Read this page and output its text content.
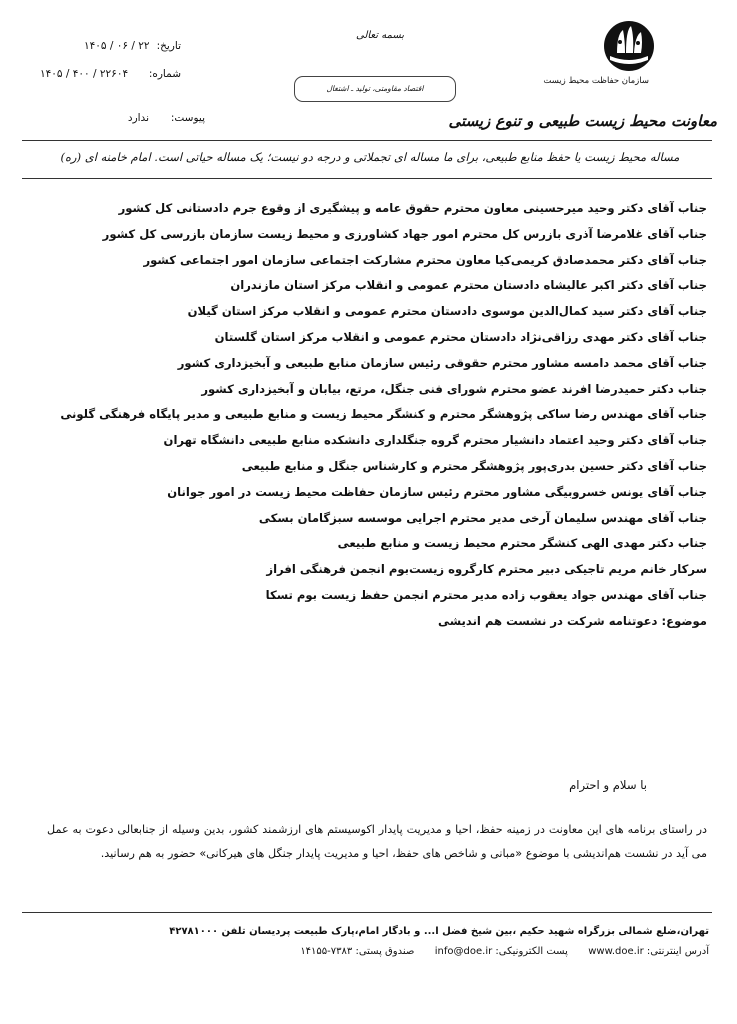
سازمان حفاظت محیط زیست
معاونت محیط زیست طبیعی و تنوع زیستی
بسمه تعالی
اقتصاد مقاومتی، تولید ـ اشتغال
تاریخ:
۱۴۰۵ / ۰۶ / ۲۲
شماره:
۱۴۰۵ / ۴۰۰ / ۲۲۶۰۴
پیوست:
ندارد
مساله محیط زیست یا حفظ منابع طبیعی، برای ما مساله ای تجملاتی و درجه دو نیست؛ یک مساله حیاتی است. امام خامنه ای (ره)

جناب آقای دکتر وحید میرحسینی معاون محترم حقوق عامه و پیشگیری از وقوع جرم دادستانی کل کشور

جناب آقای غلامرضا آذری بازرس کل محترم امور جهاد کشاورزی و محیط زیست سازمان بازرسی کل کشور

جناب آقای دکتر محمدصادق کریمی‌کیا معاون محترم مشارکت اجتماعی سازمان امور اجتماعی کشور

جناب آقای دکتر اکبر عالیشاه دادستان محترم عمومی و انقلاب مرکز استان مازندران

جناب آقای دکتر سید کمال‌الدین موسوی دادستان محترم عمومی و انقلاب مرکز استان گیلان

جناب آقای دکتر مهدی رزاقی‌نژاد دادستان محترم عمومی و انقلاب مرکز استان گلستان

جناب آقای محمد دامسه مشاور محترم حقوقی رئیس سازمان منابع طبیعی و آبخیزداری کشور

جناب دکتر حمیدرضا افرند عضو محترم شورای فنی جنگل، مرتع، بیابان و آبخیزداری کشور

جناب آقای مهندس رضا ساکی پژوهشگر محترم و کنشگر محیط زیست و منابع طبیعی و مدیر پایگاه فرهنگی گلونی

جناب آقای دکتر وحید اعتماد دانشیار محترم گروه جنگلداری دانشکده منابع طبیعی دانشگاه تهران

جناب آقای دکتر حسین بدری‌پور پژوهشگر محترم و کارشناس جنگل و منابع طبیعی

جناب آقای یونس خسروبیگی مشاور محترم رئیس سازمان حفاظت محیط زیست در امور جوانان

جناب آقای مهندس سلیمان آرخی مدیر محترم اجرایی موسسه سبزگامان بسکی

جناب دکتر مهدی الهی کنشگر محترم محیط زیست و منابع طبیعی

سرکار خانم مریم تاجیکی دبیر محترم کارگروه زیست‌بوم انجمن فرهنگی افراز

جناب آقای مهندس جواد یعقوب زاده مدیر محترم انجمن حفظ زیست بوم تسکا

موضوع: دعوتنامه شرکت در نشست هم اندیشی

با سلام و احترام
در راستای برنامه های این معاونت در زمینه حفظ، احیا و مدیریت پایدار اکوسیستم های ارزشمند کشور، بدین وسیله از جنابعالی دعوت به عمل می آید در نشست هم‌اندیشی با موضوع «مبانی و شاخص های حفظ، احیا و مدیریت پایدار جنگل های هیرکانی» حضور به هم رسانید.
تهران،ضلع شمالی بزرگراه شهید حکیم ،بین شیخ فضل ا... و بادگار امام،پارک طبیعت پردیسان تلفن ۴۲۷۸۱۰۰۰
آدرس اینترنتی: www.doe.ir  پست الکترونیکی: info@doe.ir  صندوق پستی: ۷۳۸۳-۱۴۱۵۵
